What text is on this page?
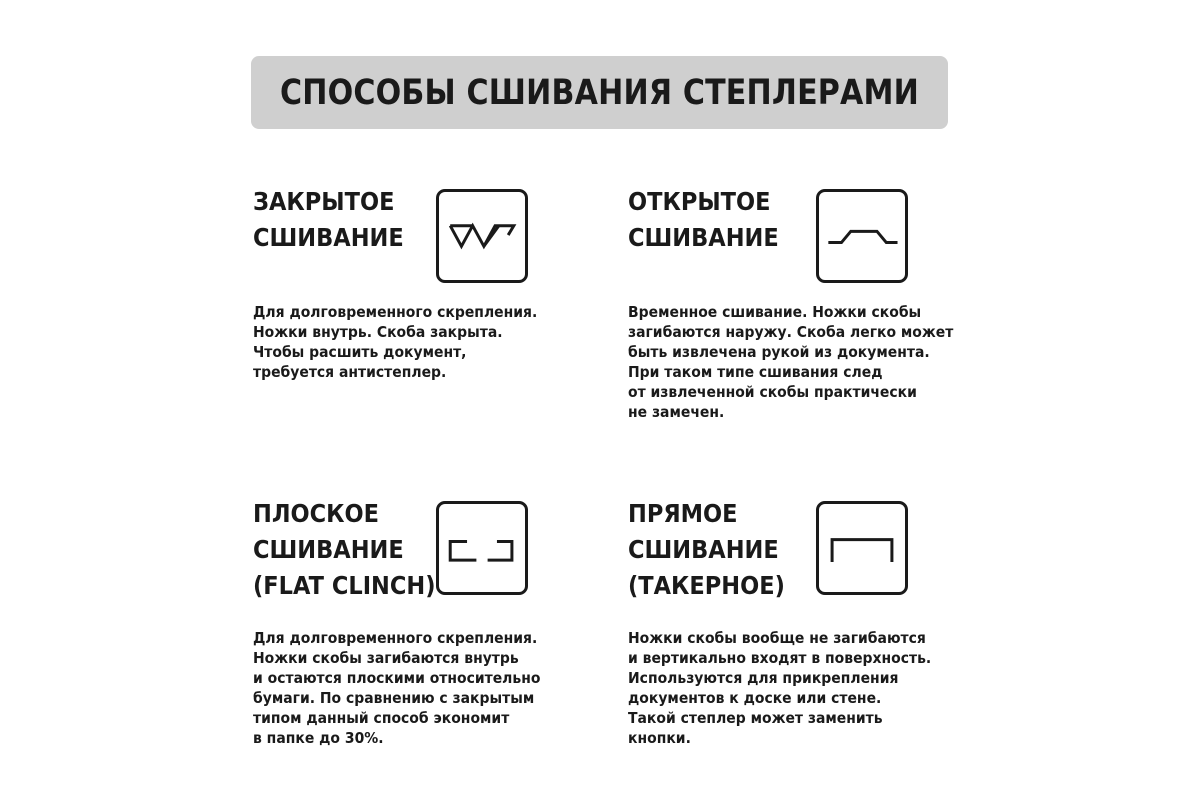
СПОСОБЫ СШИВАНИЯ СТЕПЛЕРАМИ
ЗАКРЫТОЕ
СШИВАНИЕ
Для долговременного скрепления.
Ножки внутрь. Скоба закрыта.
Чтобы расшить документ,
требуется антистеплер.
ОТКРЫТОЕ
СШИВАНИЕ
Временное сшивание. Ножки скобы
загибаются наружу. Скоба легко может
быть извлечена рукой из документа.
При таком типе сшивания след
от извлеченной скобы практически
не замечен.
ПЛОСКОЕ
СШИВАНИЕ
(FLAT CLINCH)
Для долговременного скрепления.
Ножки скобы загибаются внутрь
и остаются плоскими относительно
бумаги. По сравнению с закрытым
типом данный способ экономит
в папке до 30%.
ПРЯМОЕ
СШИВАНИЕ
(ТАКЕРНОЕ)
Ножки скобы вообще не загибаются
и вертикально входят в поверхность.
Используются для прикрепления
документов к доске или стене.
Такой степлер может заменить
кнопки.
